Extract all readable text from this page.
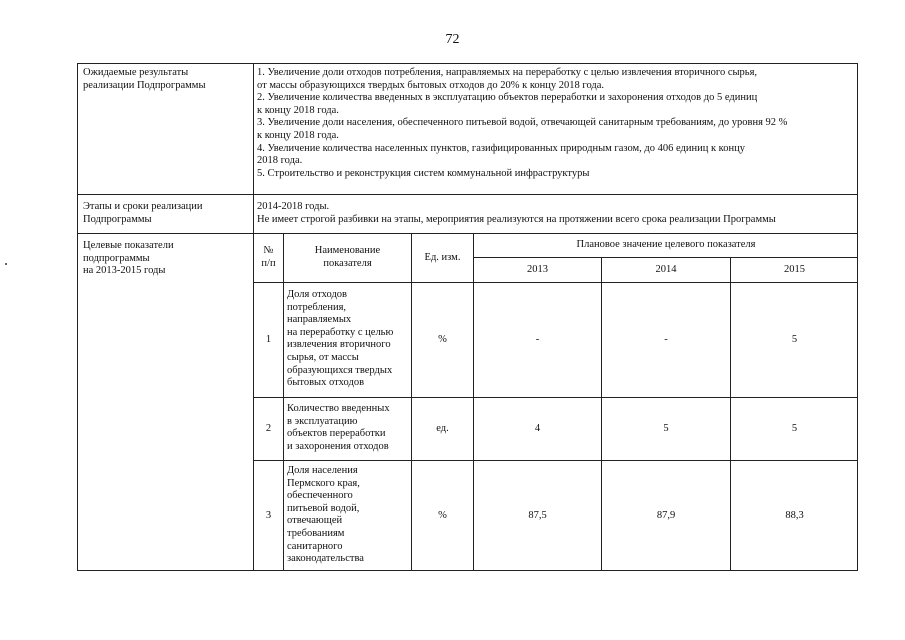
72
Ожидаемые результаты
реализации Подпрограммы
1. Увеличение доли отходов потребления, направляемых на переработку с целью извлечения вторичного сырья,
от массы образующихся твердых бытовых отходов до 20% к концу 2018 года.
2. Увеличение количества введенных в эксплуатацию объектов переработки и захоронения отходов до 5 единиц
к концу 2018 года.
3. Увеличение доли населения, обеспеченного питьевой водой, отвечающей санитарным требованиям, до уровня 92 %
к концу 2018 года.
4. Увеличение количества населенных пунктов, газифицированных природным газом, до 406 единиц к концу
2018 года.
5. Строительство и реконструкция систем коммунальной инфраструктуры
Этапы и сроки реализации
Подпрограммы
2014-2018 годы.
Не имеет строгой разбивки на этапы, мероприятия реализуются на протяжении всего срока реализации Программы
Целевые показатели
подпрограммы
на 2013-2015 годы
№
п/п
Наименование
показателя
Ед. изм.
Плановое значение целевого показателя
2013	2014	2015
1
Доля отходов
потребления,
направляемых
на переработку с целью
извлечения вторичного
сырья, от массы
образующихся твердых
бытовых отходов
%	-	-	5
2
Количество введенных
в эксплуатацию
объектов переработки
и захоронения отходов
ед.	4	5	5
3
Доля населения
Пермского края,
обеспеченного
питьевой водой,
отвечающей
требованиям
санитарного
законодательства
%	87,5	87,9	88,3
